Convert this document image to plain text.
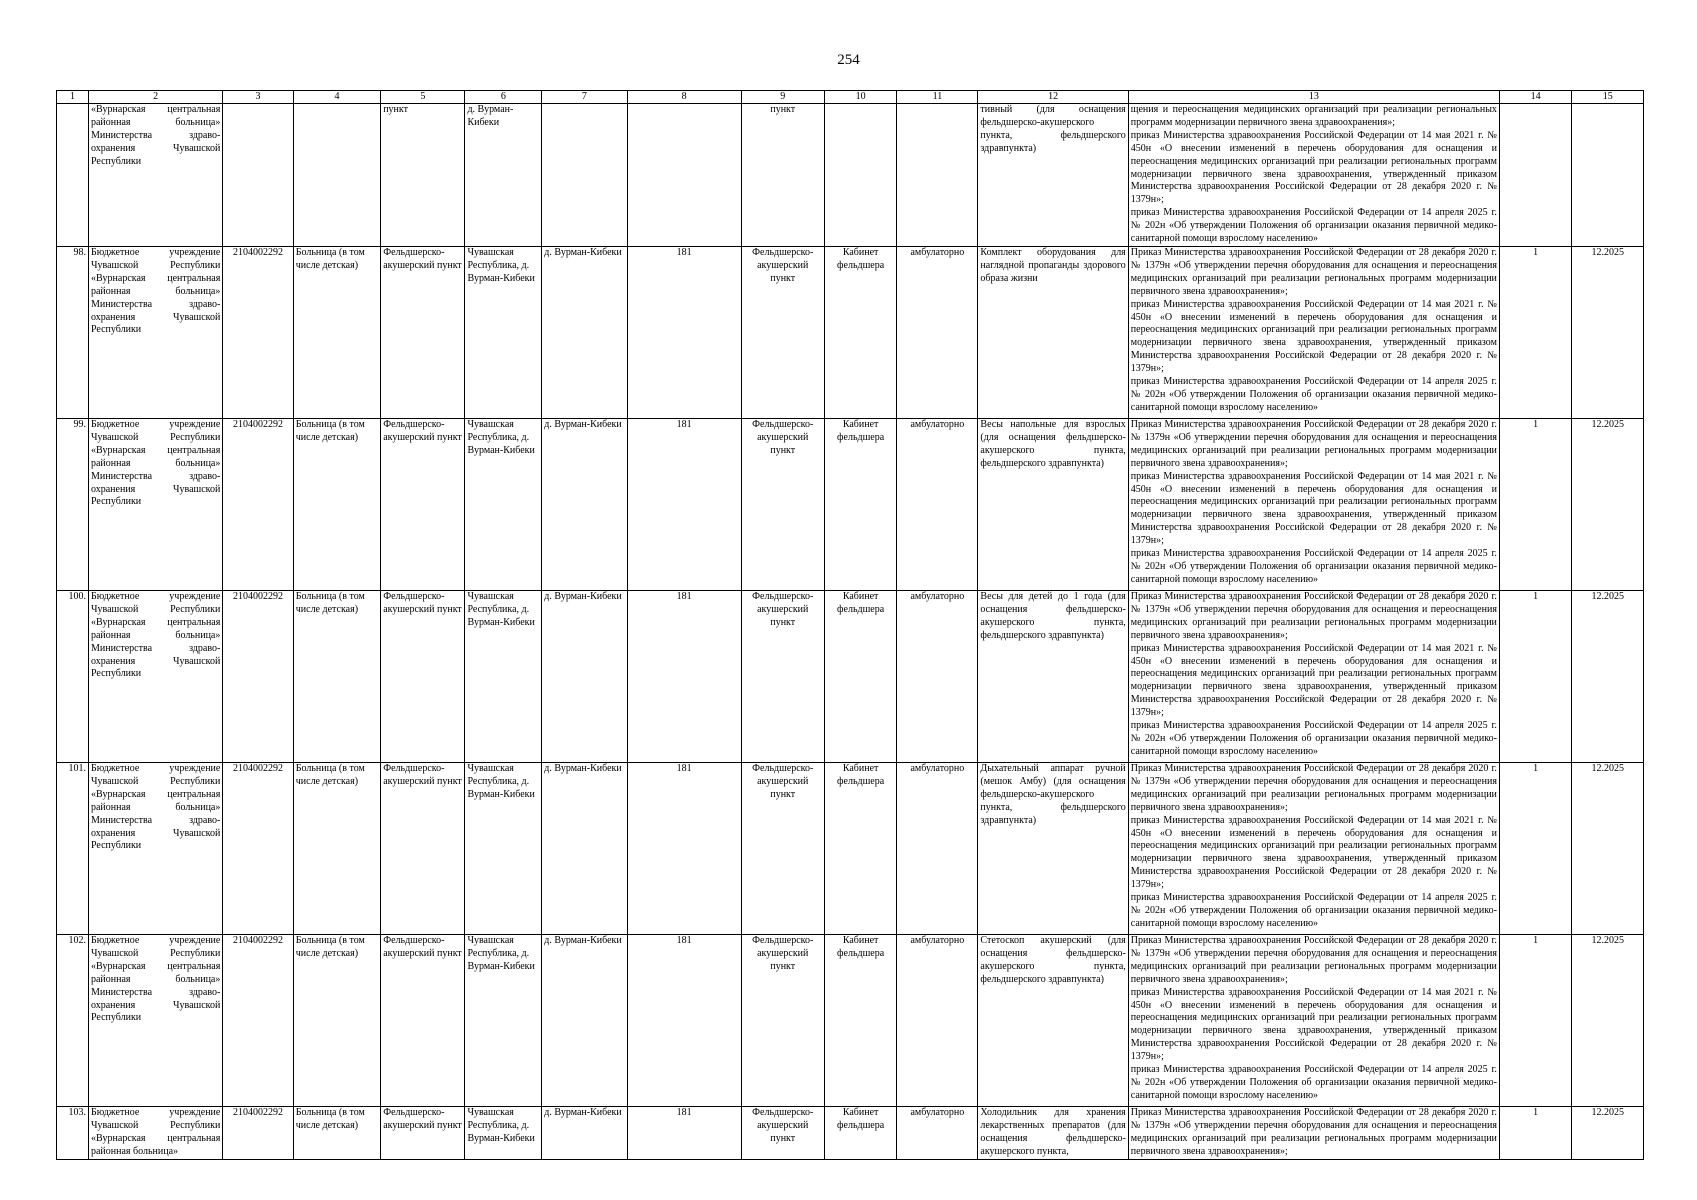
254
1	2	3	4	5	6	7	8	9	10	11	12	13	14	15
	«Вурнарская центральная районная больница» Министерства здраво-охранения Чувашской Республики			пункт	д. Вурман-Кибеки			пункт			тивный (для оснащения фельдшерско-акушерского пункта, фельдшерского здравпункта)	щения и переоснащения медицинских организаций при реализации региональных программ модернизации первичного звена здравоохранения»;
приказ Министерства здравоохранения Российской Федерации от 14 мая 2021 г. № 450н «О внесении изменений в перечень оборудования для оснащения и переоснащения медицинских организаций при реализации региональных программ модернизации первичного звена здравоохранения, утвержденный приказом Министерства здравоохранения Российской Федерации от 28 декабря 2020 г. № 1379н»;
приказ Министерства здравоохранения Российской Федерации от 14 апреля 2025 г. № 202н «Об утверждении Положения об организации оказания первичной медико-санитарной помощи взрослому населению»		
98.	Бюджетное учреждение Чувашской Республики «Вурнарская центральная районная больница» Министерства здраво-охранения Чувашской Республики	2104002292	Больница (в том числе детская)	Фельдшерско-акушерский пункт	Чувашская Республика, д. Вурман-Кибеки	д. Вурман-Кибеки	181	Фельдшерско-акушерский пункт	Кабинет фельдшера	амбулаторно	Комплект оборудования для наглядной пропаганды здорового образа жизни	Приказ Министерства здравоохранения Российской Федерации от 28 декабря 2020 г. № 1379н «Об утверждении перечня оборудования для оснащения и переоснащения медицинских организаций при реализации региональных программ модернизации первичного звена здравоохранения»;
приказ Министерства здравоохранения Российской Федерации от 14 мая 2021 г. № 450н «О внесении изменений в перечень оборудования для оснащения и переоснащения медицинских организаций при реализации региональных программ модернизации первичного звена здравоохранения, утвержденный приказом Министерства здравоохранения Российской Федерации от 28 декабря 2020 г. № 1379н»;
приказ Министерства здравоохранения Российской Федерации от 14 апреля 2025 г. № 202н «Об утверждении Положения об организации оказания первичной медико-санитарной помощи взрослому населению»	1	12.2025
99.	Бюджетное учреждение Чувашской Республики «Вурнарская центральная районная больница» Министерства здраво-охранения Чувашской Республики	2104002292	Больница (в том числе детская)	Фельдшерско-акушерский пункт	Чувашская Республика, д. Вурман-Кибеки	д. Вурман-Кибеки	181	Фельдшерско-акушерский пункт	Кабинет фельдшера	амбулаторно	Весы напольные для взрослых (для оснащения фельдшерско-акушерского пункта, фельдшерского здравпункта)	Приказ Министерства здравоохранения Российской Федерации от 28 декабря 2020 г. № 1379н «Об утверждении перечня оборудования для оснащения и переоснащения медицинских организаций при реализации региональных программ модернизации первичного звена здравоохранения»;
приказ Министерства здравоохранения Российской Федерации от 14 мая 2021 г. № 450н «О внесении изменений в перечень оборудования для оснащения и переоснащения медицинских организаций при реализации региональных программ модернизации первичного звена здравоохранения, утвержденный приказом Министерства здравоохранения Российской Федерации от 28 декабря 2020 г. № 1379н»;
приказ Министерства здравоохранения Российской Федерации от 14 апреля 2025 г. № 202н «Об утверждении Положения об организации оказания первичной медико-санитарной помощи взрослому населению»	1	12.2025
100.	Бюджетное учреждение Чувашской Республики «Вурнарская центральная районная больница» Министерства здраво-охранения Чувашской Республики	2104002292	Больница (в том числе детская)	Фельдшерско-акушерский пункт	Чувашская Республика, д. Вурман-Кибеки	д. Вурман-Кибеки	181	Фельдшерско-акушерский пункт	Кабинет фельдшера	амбулаторно	Весы для детей до 1 года (для оснащения фельдшерско-акушерского пункта, фельдшерского здравпункта)	Приказ Министерства здравоохранения Российской Федерации от 28 декабря 2020 г. № 1379н «Об утверждении перечня оборудования для оснащения и переоснащения медицинских организаций при реализации региональных программ модернизации первичного звена здравоохранения»;
приказ Министерства здравоохранения Российской Федерации от 14 мая 2021 г. № 450н «О внесении изменений в перечень оборудования для оснащения и переоснащения медицинских организаций при реализации региональных программ модернизации первичного звена здравоохранения, утвержденный приказом Министерства здравоохранения Российской Федерации от 28 декабря 2020 г. № 1379н»;
приказ Министерства здравоохранения Российской Федерации от 14 апреля 2025 г. № 202н «Об утверждении Положения об организации оказания первичной медико-санитарной помощи взрослому населению»	1	12.2025
101.	Бюджетное учреждение Чувашской Республики «Вурнарская центральная районная больница» Министерства здраво-охранения Чувашской Республики	2104002292	Больница (в том числе детская)	Фельдшерско-акушерский пункт	Чувашская Республика, д. Вурман-Кибеки	д. Вурман-Кибеки	181	Фельдшерско-акушерский пункт	Кабинет фельдшера	амбулаторно	Дыхательный аппарат ручной (мешок Амбу) (для оснащения фельдшерско-акушерского пункта, фельдшерского здравпункта)	Приказ Министерства здравоохранения Российской Федерации от 28 декабря 2020 г. № 1379н «Об утверждении перечня оборудования для оснащения и переоснащения медицинских организаций при реализации региональных программ модернизации первичного звена здравоохранения»;
приказ Министерства здравоохранения Российской Федерации от 14 мая 2021 г. № 450н «О внесении изменений в перечень оборудования для оснащения и переоснащения медицинских организаций при реализации региональных программ модернизации первичного звена здравоохранения, утвержденный приказом Министерства здравоохранения Российской Федерации от 28 декабря 2020 г. № 1379н»;
приказ Министерства здравоохранения Российской Федерации от 14 апреля 2025 г. № 202н «Об утверждении Положения об организации оказания первичной медико-санитарной помощи взрослому населению»	1	12.2025
102.	Бюджетное учреждение Чувашской Республики «Вурнарская центральная районная больница» Министерства здраво-охранения Чувашской Республики	2104002292	Больница (в том числе детская)	Фельдшерско-акушерский пункт	Чувашская Республика, д. Вурман-Кибеки	д. Вурман-Кибеки	181	Фельдшерско-акушерский пункт	Кабинет фельдшера	амбулаторно	Стетоскоп акушерский (для оснащения фельдшерско-акушерского пункта, фельдшерского здравпункта)	Приказ Министерства здравоохранения Российской Федерации от 28 декабря 2020 г. № 1379н «Об утверждении перечня оборудования для оснащения и переоснащения медицинских организаций при реализации региональных программ модернизации первичного звена здравоохранения»;
приказ Министерства здравоохранения Российской Федерации от 14 мая 2021 г. № 450н «О внесении изменений в перечень оборудования для оснащения и переоснащения медицинских организаций при реализации региональных программ модернизации первичного звена здравоохранения, утвержденный приказом Министерства здравоохранения Российской Федерации от 28 декабря 2020 г. № 1379н»;
приказ Министерства здравоохранения Российской Федерации от 14 апреля 2025 г. № 202н «Об утверждении Положения об организации оказания первичной медико-санитарной помощи взрослому населению»	1	12.2025
103.	Бюджетное учреждение Чувашской Республики «Вурнарская центральная районная больница»	2104002292	Больница (в том числе детская)	Фельдшерско-акушерский пункт	Чувашская Республика, д. Вурман-Кибеки	д. Вурман-Кибеки	181	Фельдшерско-акушерский пункт	Кабинет фельдшера	амбулаторно	Холодильник для хранения лекарственных препаратов (для оснащения фельдшерско-акушерского пункта,	Приказ Министерства здравоохранения Российской Федерации от 28 декабря 2020 г. № 1379н «Об утверждении перечня оборудования для оснащения и переоснащения медицинских организаций при реализации региональных программ модернизации первичного звена здравоохранения»;	1	12.2025
